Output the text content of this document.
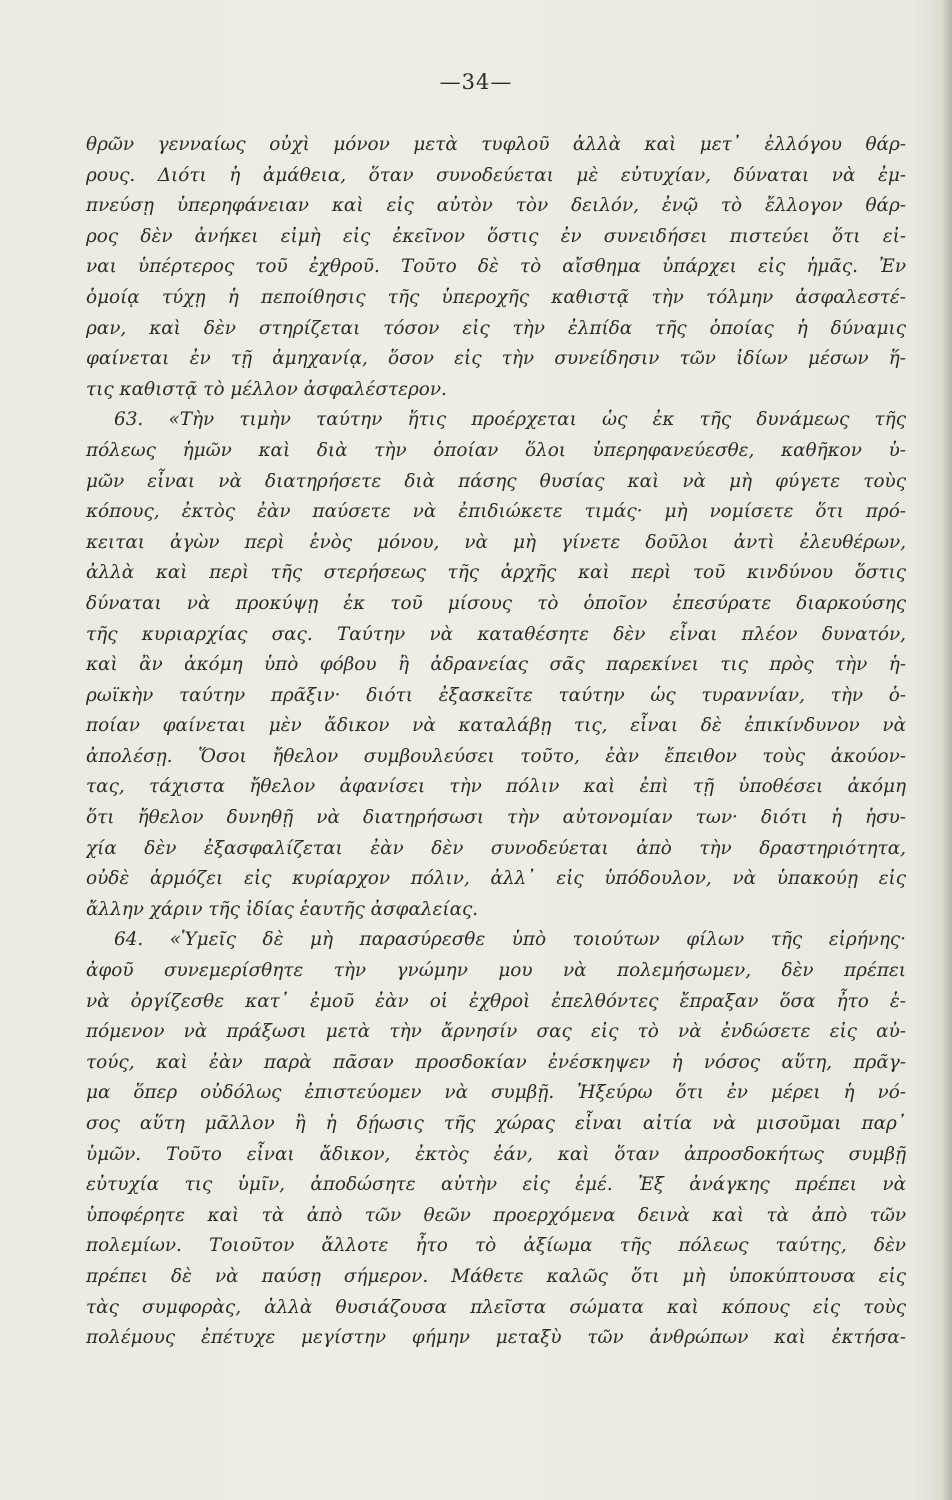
—34—
θρῶν γενναίως οὐχὶ μόνον μετὰ τυφλοῦ ἀλλὰ καὶ μετ᾽ ἐλλόγου θάρ-
ρους. Διότι ἡ ἀμάθεια, ὅταν συνοδεύεται μὲ εὐτυχίαν, δύναται νὰ ἐμ-
πνεύσῃ ὑπερηφάνειαν καὶ εἰς αὐτὸν τὸν δειλόν, ἐνῷ τὸ ἔλλογον θάρ-
ρος δὲν ἀνήκει εἰμὴ εἰς ἐκεῖνον ὅστις ἐν συνειδήσει πιστεύει ὅτι εἰ-
ναι ὑπέρτερος τοῦ ἐχθροῦ. Τοῦτο δὲ τὸ αἴσθημα ὑπάρχει εἰς ἡμᾶς. Ἐν
ὁμοίᾳ τύχῃ ἡ πεποίθησις τῆς ὑπεροχῆς καθιστᾷ τὴν τόλμην ἀσφαλεστέ-
ραν, καὶ δὲν στηρίζεται τόσον εἰς τὴν ἐλπίδα τῆς ὁποίας ἡ δύναμις
φαίνεται ἐν τῇ ἀμηχανίᾳ, ὅσον εἰς τὴν συνείδησιν τῶν ἰδίων μέσων ἥ-
τις καθιστᾷ τὸ μέλλον ἀσφαλέστερον.
63. «Τὴν τιμὴν ταύτην ἥτις προέρχεται ὡς ἐκ τῆς δυνάμεως τῆς
πόλεως ἡμῶν καὶ διὰ τὴν ὁποίαν ὅλοι ὑπερηφανεύεσθε, καθῆκον ὑ-
μῶν εἶναι νὰ διατηρήσετε διὰ πάσης θυσίας καὶ νὰ μὴ φύγετε τοὺς
κόπους, ἐκτὸς ἐὰν παύσετε νὰ ἐπιδιώκετε τιμάς· μὴ νομίσετε ὅτι πρό-
κειται ἀγὼν περὶ ἑνὸς μόνου, νὰ μὴ γίνετε δοῦλοι ἀντὶ ἐλευθέρων,
ἀλλὰ καὶ περὶ τῆς στερήσεως τῆς ἀρχῆς καὶ περὶ τοῦ κινδύνου ὅστις
δύναται νὰ προκύψῃ ἐκ τοῦ μίσους τὸ ὁποῖον ἐπεσύρατε διαρκούσης
τῆς κυριαρχίας σας. Ταύτην νὰ καταθέσητε δὲν εἶναι πλέον δυνατόν,
καὶ ἂν ἀκόμη ὑπὸ φόβου ἢ ἀδρανείας σᾶς παρεκίνει τις πρὸς τὴν ἡ-
ρωϊκὴν ταύτην πρᾶξιν· διότι ἐξασκεῖτε ταύτην ὡς τυραννίαν, τὴν ὁ-
ποίαν φαίνεται μὲν ἄδικον νὰ καταλάβῃ τις, εἶναι δὲ ἐπικίνδυνον νὰ
ἀπολέσῃ. Ὅσοι ἤθελον συμβουλεύσει τοῦτο, ἐὰν ἔπειθον τοὺς ἀκούον-
τας, τάχιστα ἤθελον ἀφανίσει τὴν πόλιν καὶ ἐπὶ τῇ ὑποθέσει ἀκόμη
ὅτι ἤθελον δυνηθῇ νὰ διατηρήσωσι τὴν αὐτονομίαν των· διότι ἡ ἡσυ-
χία δὲν ἐξασφαλίζεται ἐὰν δὲν συνοδεύεται ἀπὸ τὴν δραστηριότητα,
οὐδὲ ἁρμόζει εἰς κυρίαρχον πόλιν, ἀλλ᾽ εἰς ὑπόδουλον, νὰ ὑπακούῃ εἰς
ἄλλην χάριν τῆς ἰδίας ἑαυτῆς ἀσφαλείας.
64. «Ὑμεῖς δὲ μὴ παρασύρεσθε ὑπὸ τοιούτων φίλων τῆς εἰρήνης·
ἀφοῦ συνεμερίσθητε τὴν γνώμην μου νὰ πολεμήσωμεν, δὲν πρέπει
νὰ ὀργίζεσθε κατ᾽ ἐμοῦ ἐὰν οἱ ἐχθροὶ ἐπελθόντες ἔπραξαν ὅσα ἦτο ἑ-
πόμενον νὰ πράξωσι μετὰ τὴν ἄρνησίν σας εἰς τὸ νὰ ἐνδώσετε εἰς αὐ-
τούς, καὶ ἐὰν παρὰ πᾶσαν προσδοκίαν ἐνέσκηψεν ἡ νόσος αὕτη, πρᾶγ-
μα ὅπερ οὐδόλως ἐπιστεύομεν νὰ συμβῇ. Ἠξεύρω ὅτι ἐν μέρει ἡ νό-
σος αὕτη μᾶλλον ἢ ἡ δῄωσις τῆς χώρας εἶναι αἰτία νὰ μισοῦμαι παρ᾽
ὑμῶν. Τοῦτο εἶναι ἄδικον, ἐκτὸς ἐάν, καὶ ὅταν ἀπροσδοκήτως συμβῇ
εὐτυχία τις ὑμῖν, ἀποδώσητε αὐτὴν εἰς ἐμέ. Ἐξ ἀνάγκης πρέπει νὰ
ὑποφέρητε καὶ τὰ ἀπὸ τῶν θεῶν προερχόμενα δεινὰ καὶ τὰ ἀπὸ τῶν
πολεμίων. Τοιοῦτον ἄλλοτε ἦτο τὸ ἀξίωμα τῆς πόλεως ταύτης, δὲν
πρέπει δὲ νὰ παύσῃ σήμερον. Μάθετε καλῶς ὅτι μὴ ὑποκύπτουσα εἰς
τὰς συμφορὰς, ἀλλὰ θυσιάζουσα πλεῖστα σώματα καὶ κόπους εἰς τοὺς
πολέμους ἐπέτυχε μεγίστην φήμην μεταξὺ τῶν ἀνθρώπων καὶ ἐκτήσα-
